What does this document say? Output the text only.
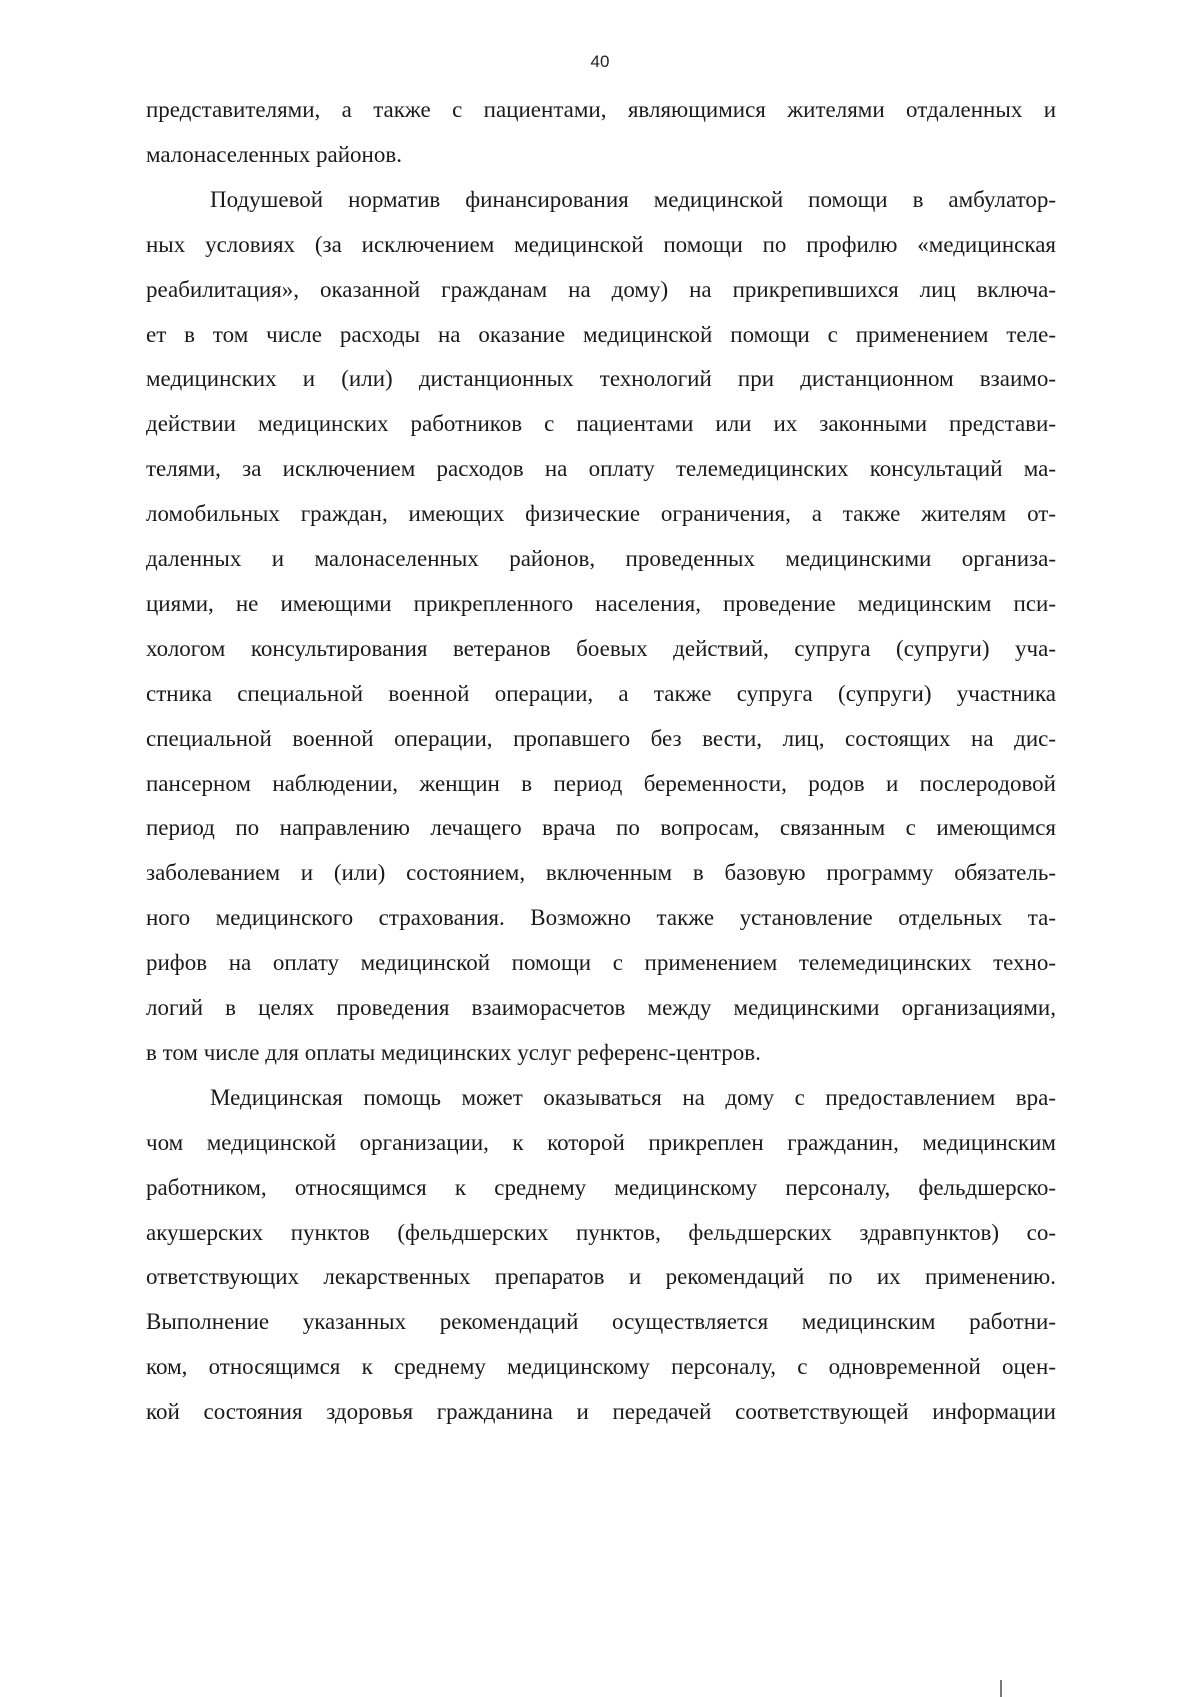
40
представителями, а также с пациентами, являющимися жителями отдаленных и
малонаселенных районов.
Подушевой норматив финансирования медицинской помощи в амбулатор-
ных условиях (за исключением медицинской помощи по профилю «медицинская
реабилитация», оказанной гражданам на дому) на прикрепившихся лиц включа-
ет в том числе расходы на оказание медицинской помощи с применением теле-
медицинских и (или) дистанционных технологий при дистанционном взаимо-
действии медицинских работников с пациентами или их законными представи-
телями, за исключением расходов на оплату телемедицинских консультаций ма-
ломобильных граждан, имеющих физические ограничения, а также жителям от-
даленных и малонаселенных районов, проведенных медицинскими организа-
циями, не имеющими прикрепленного населения, проведение медицинским пси-
хологом консультирования ветеранов боевых действий, супруга (супруги) уча-
стника специальной военной операции, а также супруга (супруги) участника
специальной военной операции, пропавшего без вести, лиц, состоящих на дис-
пансерном наблюдении, женщин в период беременности, родов и послеродовой
период по направлению лечащего врача по вопросам, связанным с имеющимся
заболеванием и (или) состоянием, включенным в базовую программу обязатель-
ного медицинского страхования. Возможно также установление отдельных та-
рифов на оплату медицинской помощи с применением телемедицинских техно-
логий в целях проведения взаиморасчетов между медицинскими организациями,
в том числе для оплаты медицинских услуг референс-центров.
Медицинская помощь может оказываться на дому с предоставлением вра-
чом медицинской организации, к которой прикреплен гражданин, медицинским
работником, относящимся к среднему медицинскому персоналу, фельдшерско-
акушерских пунктов (фельдшерских пунктов, фельдшерских здравпунктов) со-
ответствующих лекарственных препаратов и рекомендаций по их применению.
Выполнение указанных рекомендаций осуществляется медицинским работни-
ком, относящимся к среднему медицинскому персоналу, с одновременной оцен-
кой состояния здоровья гражданина и передачей соответствующей информации
